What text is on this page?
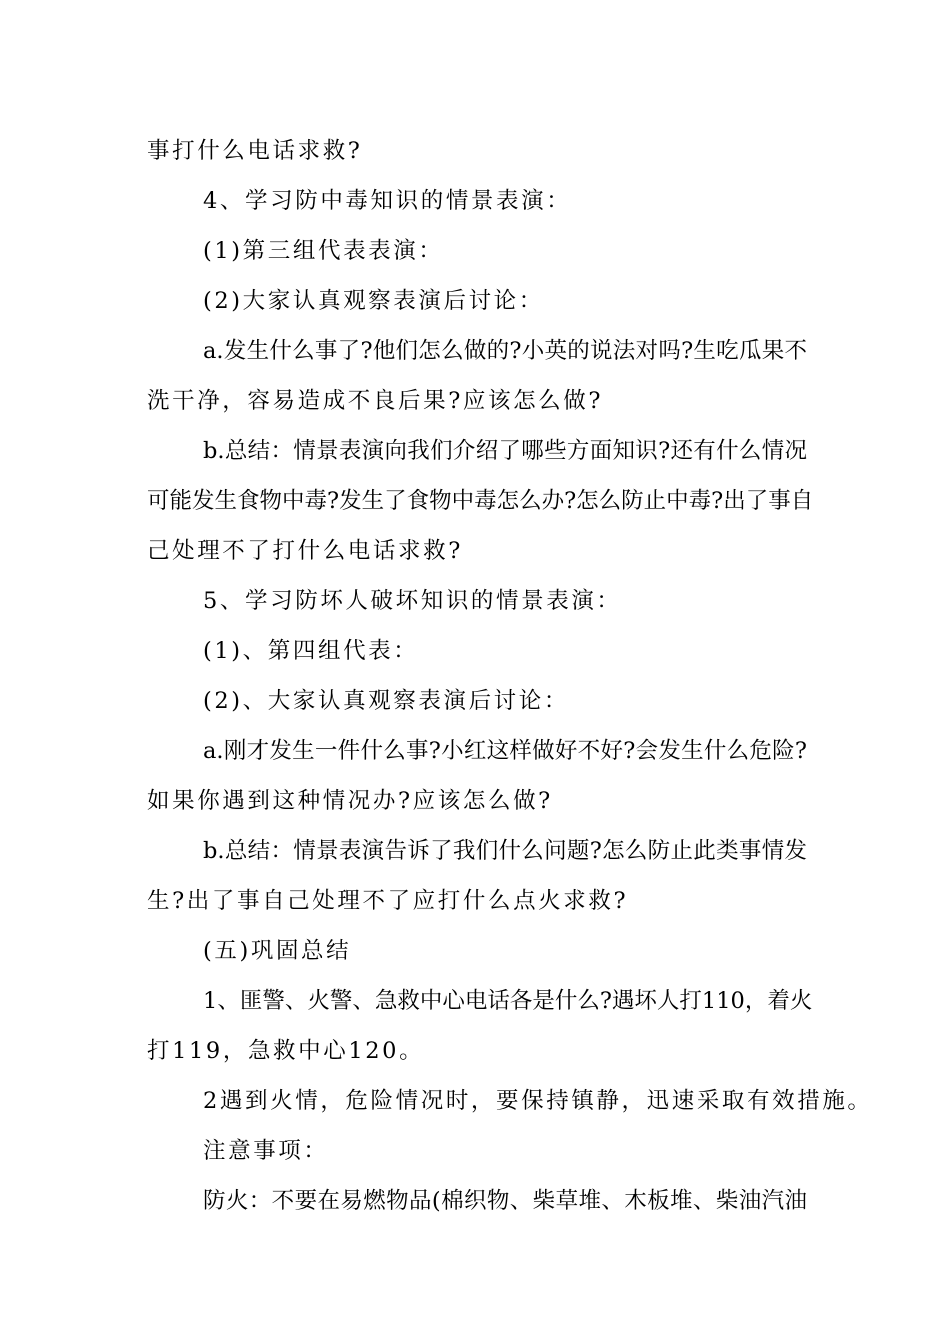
事打什么电话求救?
4、学习防中毒知识的情景表演：
(1)第三组代表表演：
(2)大家认真观察表演后讨论：
a.发生什么事了?他们怎么做的?小英的说法对吗?生吃瓜果不
洗干净，容易造成不良后果?应该怎么做?
b.总结：情景表演向我们介绍了哪些方面知识?还有什么情况
可能发生食物中毒?发生了食物中毒怎么办?怎么防止中毒?出了事自
己处理不了打什么电话求救?
5、学习防坏人破坏知识的情景表演：
(1)、第四组代表：
(2)、大家认真观察表演后讨论：
a.刚才发生一件什么事?小红这样做好不好?会发生什么危险?
如果你遇到这种情况办?应该怎么做?
b.总结：情景表演告诉了我们什么问题?怎么防止此类事情发
生?出了事自己处理不了应打什么点火求救?
(五)巩固总结
1、匪警、火警、急救中心电话各是什么?遇坏人打110，着火
打119，急救中心120。
2遇到火情，危险情况时，要保持镇静，迅速采取有效措施。
注意事项：
防火：不要在易燃物品(棉织物、柴草堆、木板堆、柴油汽油
